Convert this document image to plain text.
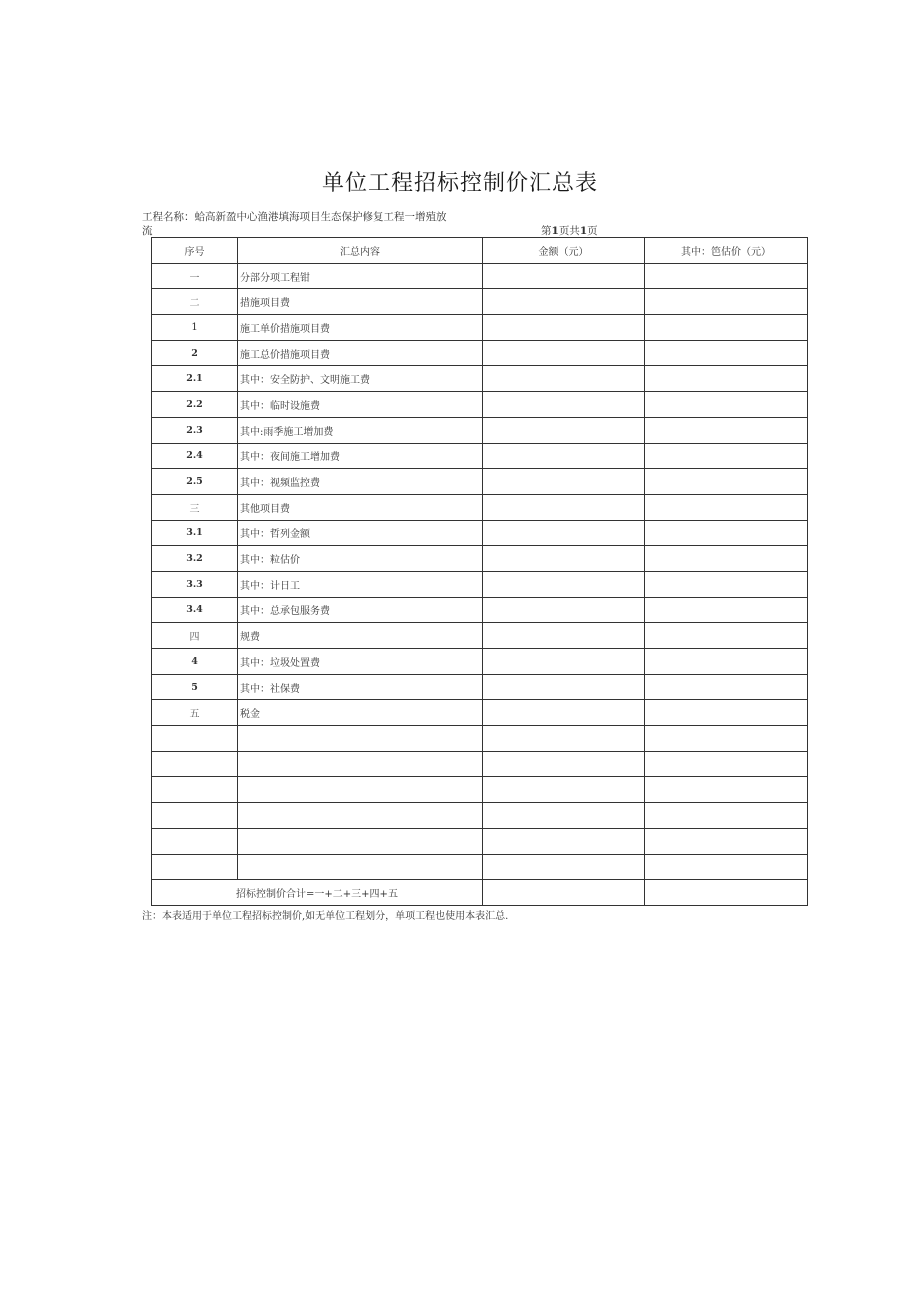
单位工程招标控制价汇总表
工程名称：蛤高新盈中心渔港填海项目生态保护修复工程一增殖放
流	第1页共1页
序号	汇总内容	金额（元）	其中：笆估价（元）
一	分部分项工程钳		
二	措施项目费		
1	施工单价措施项目费		
2	施工总价措施项目费		
2.1	其中：安全防护、文明施工费		
2.2	其中：临时设施费		
2.3	其中:雨季施工增加费		
2.4	其中：夜间施工增加费		
2.5	其中：视频监控费		
三	其他项目费		
3.1	其中：哲列金额		
3.2	其中：粒估价		
3.3	其中：计日工		
3.4	其中：总承包服务费		
四	规费		
4	其中：垃圾处置费		
5	其中：社保费		
五	税金		

招标控制价合计=一+二+三+四+五			
注：本表适用于单位工程招标控制价,如无单位工程划分，单项工程也使用本表汇总.
